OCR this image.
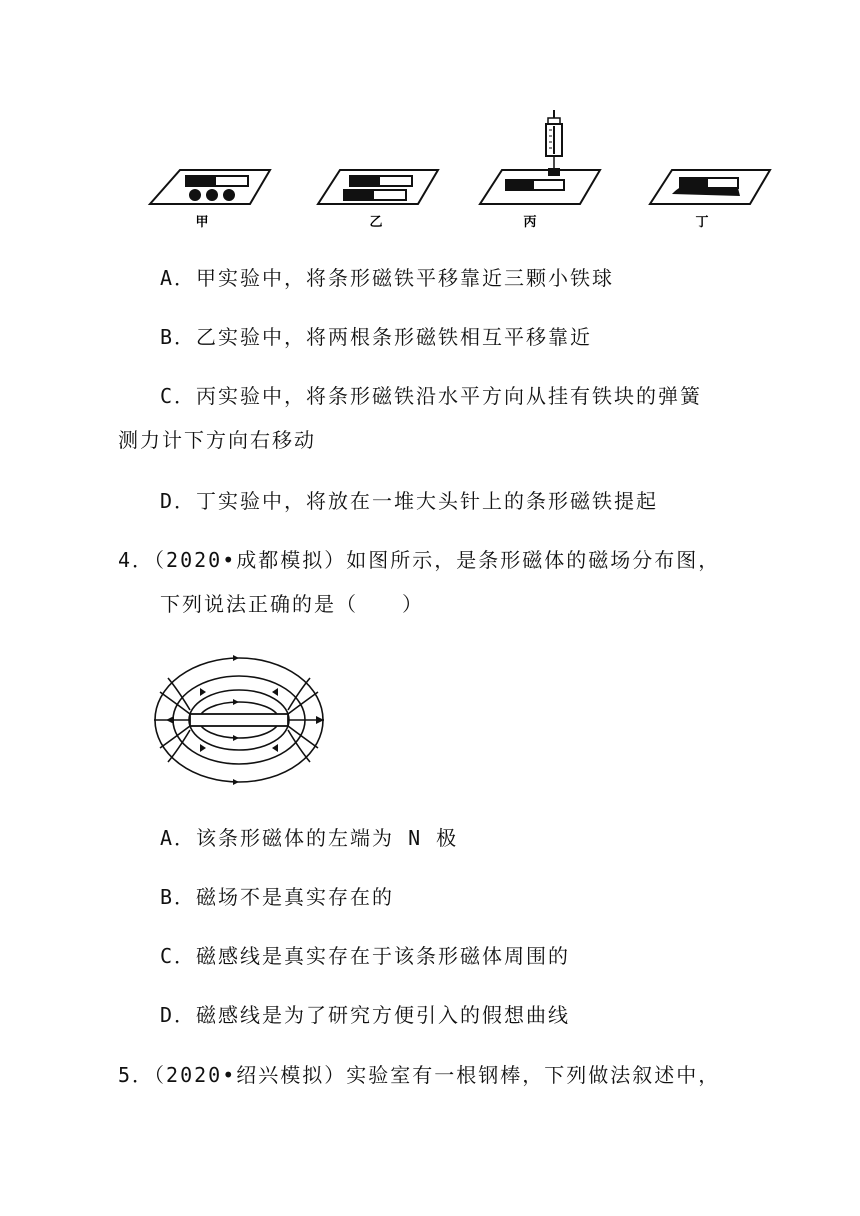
甲	乙	丙	丁
A．甲实验中，将条形磁铁平移靠近三颗小铁球
B．乙实验中，将两根条形磁铁相互平移靠近
C．丙实验中，将条形磁铁沿水平方向从挂有铁块的弹簧
测力计下方向右移动
D．丁实验中，将放在一堆大头针上的条形磁铁提起
4．（2020•成都模拟）如图所示，是条形磁体的磁场分布图，
下列说法正确的是（　　）
A．该条形磁体的左端为 N 极
B．磁场不是真实存在的
C．磁感线是真实存在于该条形磁体周围的
D．磁感线是为了研究方便引入的假想曲线
5．（2020•绍兴模拟）实验室有一根钢棒，下列做法叙述中，
